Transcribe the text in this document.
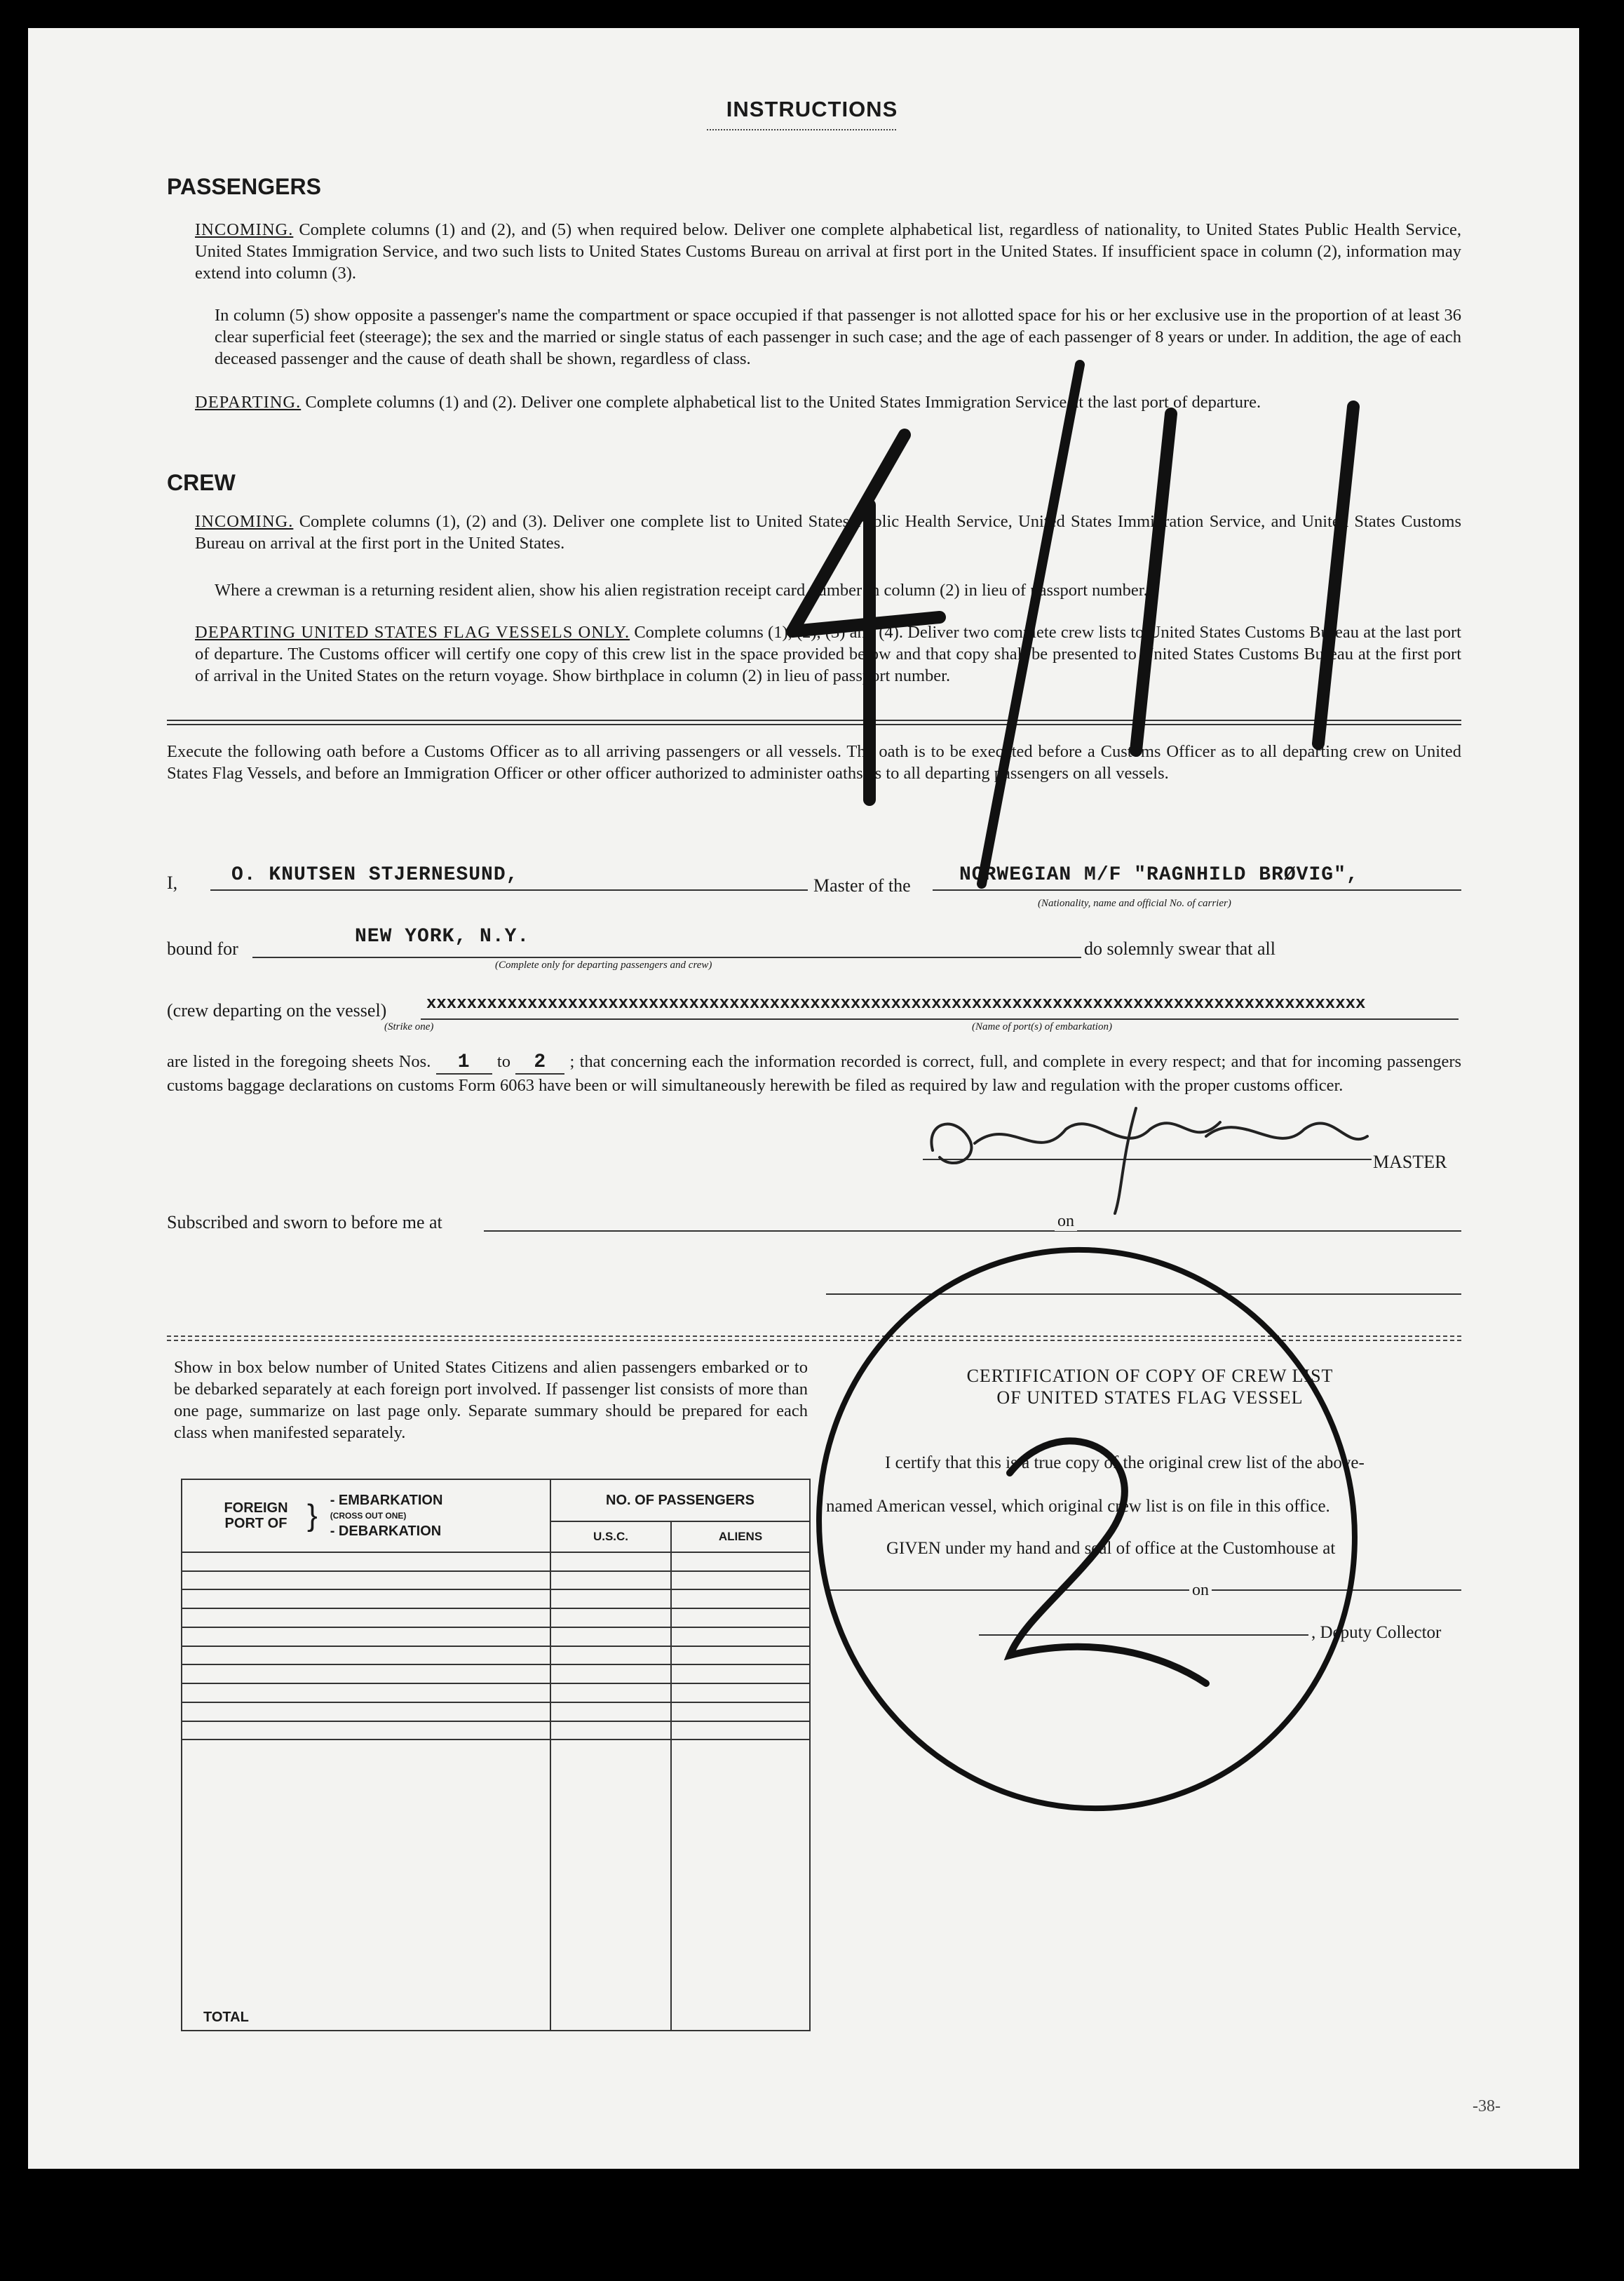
INSTRUCTIONS
PASSENGERS
INCOMING. Complete columns (1) and (2), and (5) when required below. Deliver one complete alphabetical list, regardless of nationality, to United States Public Health Service, United States Immigration Service, and two such lists to United States Customs Bureau on arrival at first port in the United States. If insufficient space in column (2), information may extend into column (3).
In column (5) show opposite a passenger's name the compartment or space occupied if that passenger is not allotted space for his or her exclusive use in the proportion of at least 36 clear superficial feet (steerage); the sex and the married or single status of each passenger in such case; and the age of each passenger of 8 years or under. In addition, the age of each deceased passenger and the cause of death shall be shown, regardless of class.
DEPARTING. Complete columns (1) and (2). Deliver one complete alphabetical list to the United States Immigration Service at the last port of departure.
CREW
INCOMING. Complete columns (1), (2) and (3). Deliver one complete list to United States Public Health Service, United States Immigration Service, and United States Customs Bureau on arrival at the first port in the United States.
Where a crewman is a returning resident alien, show his alien registration receipt card number in column (2) in lieu of passport number.
DEPARTING UNITED STATES FLAG VESSELS ONLY. Complete columns (1), (2), (3) and (4). Deliver two complete crew lists to United States Customs Bureau at the last port of departure. The Customs officer will certify one copy of this crew list in the space provided below and that copy shall be presented to United States Customs Bureau at the first port of arrival in the United States on the return voyage. Show birthplace in column (2) in lieu of passport number.
Execute the following oath before a Customs Officer as to all arriving passengers or all vessels. The oath is to be executed before a Customs Officer as to all departing crew on United States Flag Vessels, and before an Immigration Officer or other officer authorized to administer oaths as to all departing passengers on all vessels.
I,	O. KNUTSEN STJERNESUND,	Master of the NORWEGIAN M/F "RAGNHILD BRØVIG",
(Nationality, name and official No. of carrier)
bound for
NEW YORK, N.Y.
(Complete only for departing passengers and crew)
do solemnly swear that all
(crew departing on the vessel) xxxxxxxxxxxxxxxxxxxxxxxxxxxxxxxxxxxxxxxxxxxxxxxxxxxxxxxxxxxxxxxxxxxxxxxxxxxxxxxxxxxxxxxxxxxxx
(Strike one)	(Name of port(s) of embarkation)
are listed in the foregoing sheets Nos. 1 to 2 ; that concerning each the information recorded is correct, full, and complete in every respect; and that for incoming passengers customs baggage declarations on customs Form 6063 have been or will simultaneously herewith be filed as required by law and regulation with the proper customs officer.
MASTER
Subscribed and sworn to before me at	on
Show in box below number of United States Citizens and alien passengers embarked or to be debarked separately at each foreign port involved. If passenger list consists of more than one page, summarize on last page only. Separate summary should be prepared for each class when manifested separately.
FOREIGN PORT OF } - EMBARKATION
(CROSS OUT ONE)
- DEBARKATION	NO. OF PASSENGERS	
	U.S.C.	ALIENS

TOTAL		

CERTIFICATION OF COPY OF CREW LIST
OF UNITED STATES FLAG VESSEL
I certify that this is a true copy of the original crew list of the above-
named American vessel, which original crew list is on file in this office.
GIVEN under my hand and seal of office at the Customhouse at
on
, Deputy Collector
-38-
